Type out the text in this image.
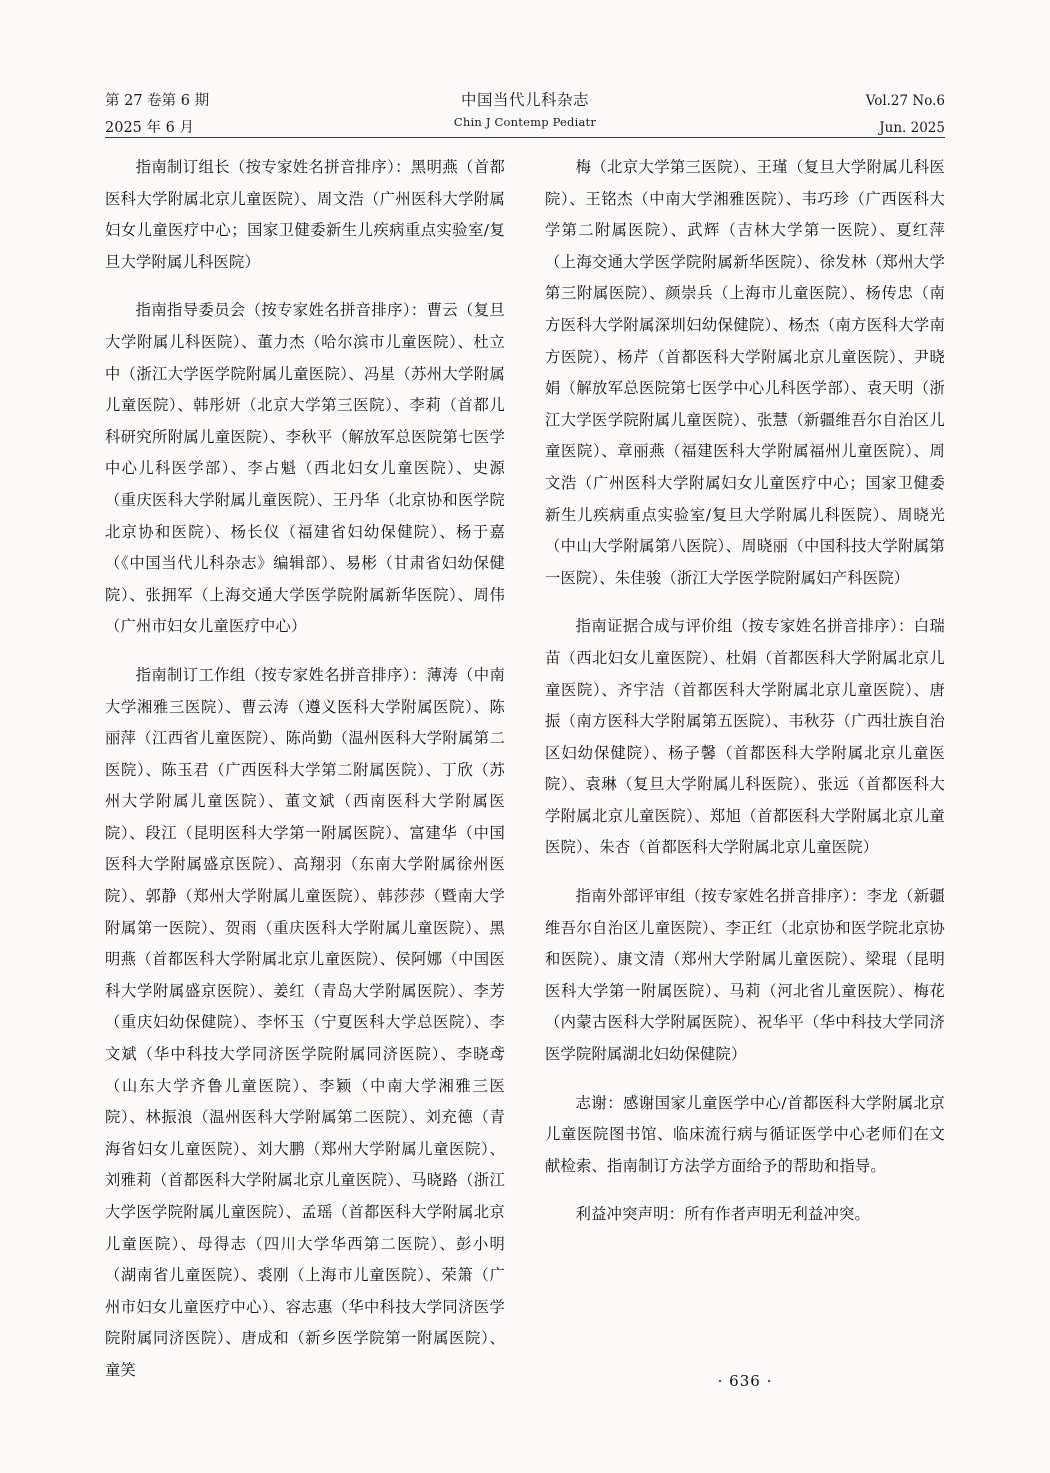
第 27 卷第 6 期
2025 年 6 月
中国当代儿科杂志
Chin J Contemp Pediatr
Vol.27 No.6
Jun. 2025

指南制订组长（按专家姓名拼音排序）：黑明燕（首都医科大学附属北京儿童医院）、周文浩（广州医科大学附属妇女儿童医疗中心；国家卫健委新生儿疾病重点实验室/复旦大学附属儿科医院）

指南指导委员会（按专家姓名拼音排序）：曹云（复旦大学附属儿科医院）、董力杰（哈尔滨市儿童医院）、杜立中（浙江大学医学院附属儿童医院）、冯星（苏州大学附属儿童医院）、韩彤妍（北京大学第三医院）、李莉（首都儿科研究所附属儿童医院）、李秋平（解放军总医院第七医学中心儿科医学部）、李占魁（西北妇女儿童医院）、史源（重庆医科大学附属儿童医院）、王丹华（北京协和医学院北京协和医院）、杨长仪（福建省妇幼保健院）、杨于嘉（《中国当代儿科杂志》编辑部）、易彬（甘肃省妇幼保健院）、张拥军（上海交通大学医学院附属新华医院）、周伟（广州市妇女儿童医疗中心）

指南制订工作组（按专家姓名拼音排序）：薄涛（中南大学湘雅三医院）、曹云涛（遵义医科大学附属医院）、陈丽萍（江西省儿童医院）、陈尚勤（温州医科大学附属第二医院）、陈玉君（广西医科大学第二附属医院）、丁欣（苏州大学附属儿童医院）、董文斌（西南医科大学附属医院）、段江（昆明医科大学第一附属医院）、富建华（中国医科大学附属盛京医院）、高翔羽（东南大学附属徐州医院）、郭静（郑州大学附属儿童医院）、韩莎莎（暨南大学附属第一医院）、贺雨（重庆医科大学附属儿童医院）、黑明燕（首都医科大学附属北京儿童医院）、侯阿娜（中国医科大学附属盛京医院）、姜红（青岛大学附属医院）、李芳（重庆妇幼保健院）、李怀玉（宁夏医科大学总医院）、李文斌（华中科技大学同济医学院附属同济医院）、李晓鸢（山东大学齐鲁儿童医院）、李颖（中南大学湘雅三医院）、林振浪（温州医科大学附属第二医院）、刘充德（青海省妇女儿童医院）、刘大鹏（郑州大学附属儿童医院）、刘雅莉（首都医科大学附属北京儿童医院）、马晓路（浙江大学医学院附属儿童医院）、孟瑶（首都医科大学附属北京儿童医院）、母得志（四川大学华西第二医院）、彭小明（湖南省儿童医院）、裘刚（上海市儿童医院）、荣箫（广州市妇女儿童医疗中心）、容志惠（华中科技大学同济医学院附属同济医院）、唐成和（新乡医学院第一附属医院）、童笑

梅（北京大学第三医院）、王瑾（复旦大学附属儿科医院）、王铭杰（中南大学湘雅医院）、韦巧珍（广西医科大学第二附属医院）、武辉（吉林大学第一医院）、夏红萍（上海交通大学医学院附属新华医院）、徐发林（郑州大学第三附属医院）、颜崇兵（上海市儿童医院）、杨传忠（南方医科大学附属深圳妇幼保健院）、杨杰（南方医科大学南方医院）、杨芹（首都医科大学附属北京儿童医院）、尹晓娟（解放军总医院第七医学中心儿科医学部）、袁天明（浙江大学医学院附属儿童医院）、张慧（新疆维吾尔自治区儿童医院）、章丽燕（福建医科大学附属福州儿童医院）、周文浩（广州医科大学附属妇女儿童医疗中心；国家卫健委新生儿疾病重点实验室/复旦大学附属儿科医院）、周晓光（中山大学附属第八医院）、周晓丽（中国科技大学附属第一医院）、朱佳骏（浙江大学医学院附属妇产科医院）

指南证据合成与评价组（按专家姓名拼音排序）：白瑞苗（西北妇女儿童医院）、杜娟（首都医科大学附属北京儿童医院）、齐宇洁（首都医科大学附属北京儿童医院）、唐振（南方医科大学附属第五医院）、韦秋芬（广西壮族自治区妇幼保健院）、杨子馨（首都医科大学附属北京儿童医院）、袁琳（复旦大学附属儿科医院）、张远（首都医科大学附属北京儿童医院）、郑旭（首都医科大学附属北京儿童医院）、朱杏（首都医科大学附属北京儿童医院）

指南外部评审组（按专家姓名拼音排序）：李龙（新疆维吾尔自治区儿童医院）、李正红（北京协和医学院北京协和医院）、康文清（郑州大学附属儿童医院）、梁琨（昆明医科大学第一附属医院）、马莉（河北省儿童医院）、梅花（内蒙古医科大学附属医院）、祝华平（华中科技大学同济医学院附属湖北妇幼保健院）

志谢：感谢国家儿童医学中心/首都医科大学附属北京儿童医院图书馆、临床流行病与循证医学中心老师们在文献检索、指南制订方法学方面给予的帮助和指导。

利益冲突声明：所有作者声明无利益冲突。

· 636 ·
